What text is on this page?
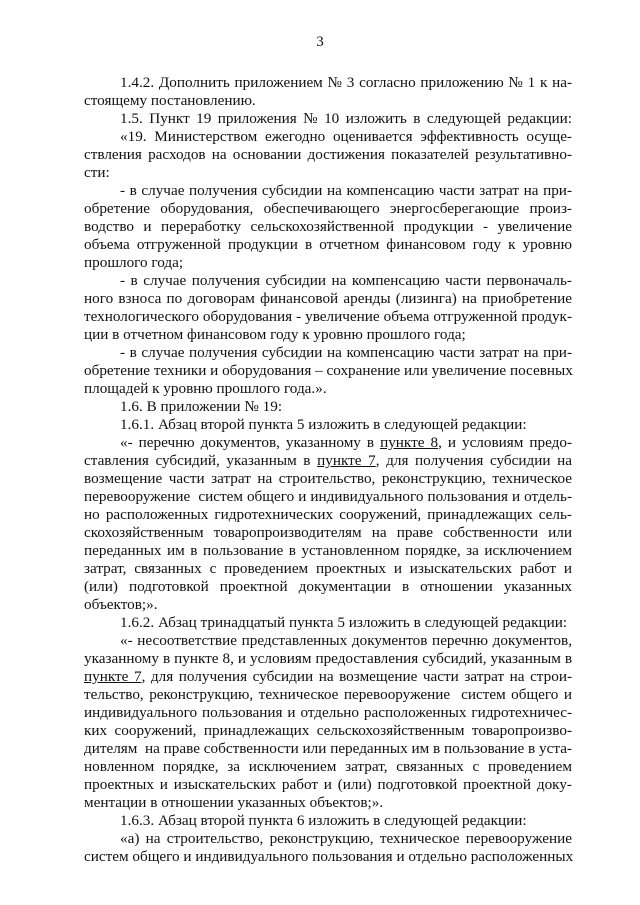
3
1.4.2. Дополнить приложением № 3 согласно приложению № 1 к на-
стоящему постановлению.
1.5. Пункт 19 приложения № 10 изложить в следующей редакции:
«19. Министерством ежегодно оценивается эффективность осуще-
ствления расходов на основании достижения показателей результативно-
сти:
- в случае получения субсидии на компенсацию части затрат на при-
обретение оборудования, обеспечивающего энергосберегающие произ-
водство и переработку сельскохозяйственной продукции - увеличение
объема отгруженной продукции в отчетном финансовом году к уровню
прошлого года;
- в случае получения субсидии на компенсацию части первоначаль-
ного взноса по договорам финансовой аренды (лизинга) на приобретение
технологического оборудования - увеличение объема отгруженной продук-
ции в отчетном финансовом году к уровню прошлого года;
- в случае получения субсидии на компенсацию части затрат на при-
обретение техники и оборудования – сохранение или увеличение посевных
площадей к уровню прошлого года.».
1.6. В приложении № 19:
1.6.1. Абзац второй пункта 5 изложить в следующей редакции:
«- перечню документов, указанному в пункте 8, и условиям предо-
ставления субсидий, указанным в пункте 7, для получения субсидии на
возмещение части затрат на строительство, реконструкцию, техническое
перевооружение  систем общего и индивидуального пользования и отдель-
но расположенных гидротехнических сооружений, принадлежащих сель-
скохозяйственным товаропроизводителям на праве собственности или
переданных им в пользование в установленном порядке, за исключением
затрат, связанных с проведением проектных и изыскательских работ и
(или) подготовкой проектной документации в отношении указанных
объектов;».
1.6.2. Абзац тринадцатый пункта 5 изложить в следующей редакции:
«- несоответствие представленных документов перечню документов,
указанному в пункте 8, и условиям предоставления субсидий, указанным в
пункте 7, для получения субсидии на возмещение части затрат на строи-
тельство, реконструкцию, техническое перевооружение  систем общего и
индивидуального пользования и отдельно расположенных гидротехничес-
ких сооружений, принадлежащих сельскохозяйственным товаропроизво-
дителям  на праве собственности или переданных им в пользование в уста-
новленном порядке, за исключением затрат, связанных с проведением
проектных и изыскательских работ и (или) подготовкой проектной доку-
ментации в отношении указанных объектов;».
1.6.3. Абзац второй пункта 6 изложить в следующей редакции:
«а) на строительство, реконструкцию, техническое перевооружение
систем общего и индивидуального пользования и отдельно расположенных
